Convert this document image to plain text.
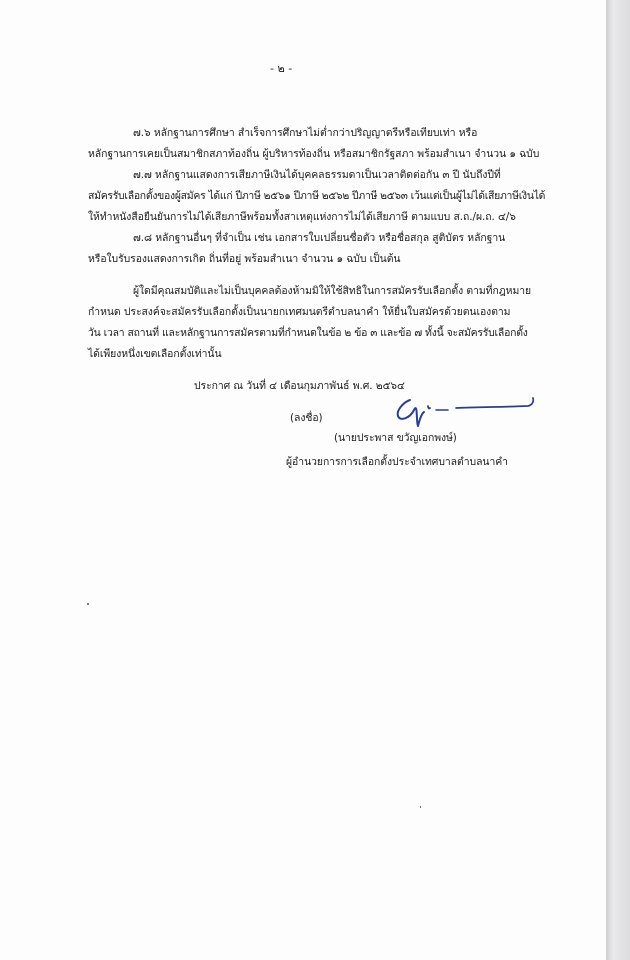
- ๒ -
๗.๖ หลักฐานการศึกษา สำเร็จการศึกษาไม่ต่ำกว่าปริญญาตรีหรือเทียบเท่า หรือ
หลักฐานการเคยเป็นสมาชิกสภาท้องถิ่น ผู้บริหารท้องถิ่น หรือสมาชิกรัฐสภา พร้อมสำเนา จำนวน ๑ ฉบับ
๗.๗ หลักฐานแสดงการเสียภาษีเงินได้บุคคลธรรมดาเป็นเวลาติดต่อกัน ๓ ปี นับถึงปีที่
สมัครรับเลือกตั้งของผู้สมัคร ได้แก่ ปีภาษี ๒๕๖๑ ปีภาษี ๒๕๖๒ ปีภาษี ๒๕๖๓ เว้นแต่เป็นผู้ไม่ได้เสียภาษีเงินได้
ให้ทำหนังสือยืนยันการไม่ได้เสียภาษีพร้อมทั้งสาเหตุแห่งการไม่ได้เสียภาษี ตามแบบ ส.ถ./ผ.ถ. ๔/๖
๗.๘ หลักฐานอื่นๆ ที่จำเป็น เช่น เอกสารใบเปลี่ยนชื่อตัว หรือชื่อสกุล สูติบัตร หลักฐาน
หรือใบรับรองแสดงการเกิด ถิ่นที่อยู่ พร้อมสำเนา จำนวน ๑ ฉบับ เป็นต้น
ผู้ใดมีคุณสมบัติและไม่เป็นบุคคลต้องห้ามมิให้ใช้สิทธิในการสมัครรับเลือกตั้ง ตามที่กฎหมาย
กำหนด ประสงค์จะสมัครรับเลือกตั้งเป็นนายกเทศมนตรีตำบลนาคำ ให้ยื่นใบสมัครด้วยตนเองตาม
วัน เวลา สถานที่ และหลักฐานการสมัครตามที่กำหนดในข้อ ๒ ข้อ ๓ และข้อ ๗ ทั้งนี้ จะสมัครรับเลือกตั้ง
ได้เพียงหนึ่งเขตเลือกตั้งเท่านั้น
ประกาศ ณ วันที่ ๔ เดือนกุมภาพันธ์ พ.ศ. ๒๕๖๔
(ลงชื่อ)
(นายประพาส ขวัญเอกพงษ์)
ผู้อำนวยการการเลือกตั้งประจำเทศบาลตำบลนาคำ
